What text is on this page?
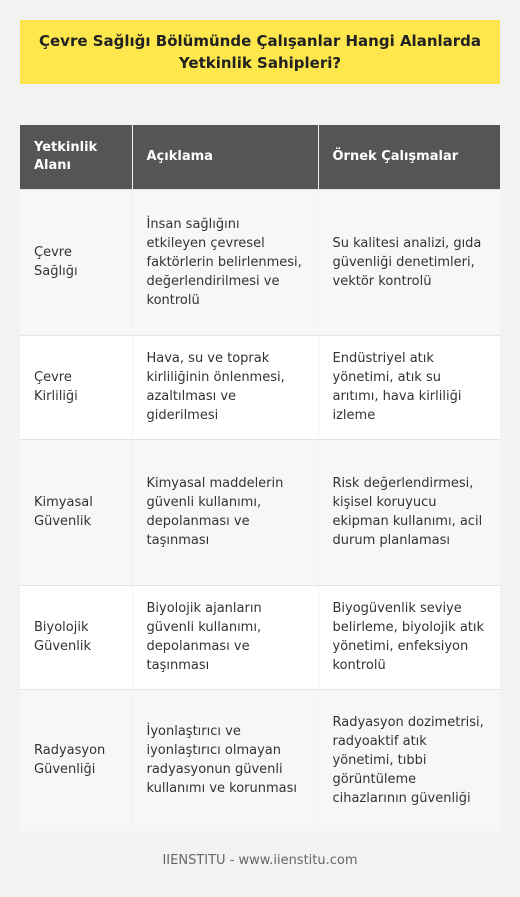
Çevre Sağlığı Bölümünde Çalışanlar Hangi Alanlarda Yetkinlik Sahipleri?
Yetkinlik Alanı	Açıklama	Örnek Çalışmalar
Çevre Sağlığı	İnsan sağlığını etkileyen çevresel faktörlerin belirlenmesi, değerlendirilmesi ve kontrolü	Su kalitesi analizi, gıda güvenliği denetimleri, vektör kontrolü
Çevre Kirliliği	Hava, su ve toprak kirliliğinin önlenmesi, azaltılması ve giderilmesi	Endüstriyel atık yönetimi, atık su arıtımı, hava kirliliği izleme
Kimyasal Güvenlik	Kimyasal maddelerin güvenli kullanımı, depolanması ve taşınması	Risk değerlendirmesi, kişisel koruyucu ekipman kullanımı, acil durum planlaması
Biyolojik Güvenlik	Biyolojik ajanların güvenli kullanımı, depolanması ve taşınması	Biyogüvenlik seviye belirleme, biyolojik atık yönetimi, enfeksiyon kontrolü
Radyasyon Güvenliği	İyonlaştırıcı ve iyonlaştırıcı olmayan radyasyonun güvenli kullanımı ve korunması	Radyasyon dozimetrisi, radyoaktif atık yönetimi, tıbbi görüntüleme cihazlarının güvenliği
IIENSTITU - www.iienstitu.com
